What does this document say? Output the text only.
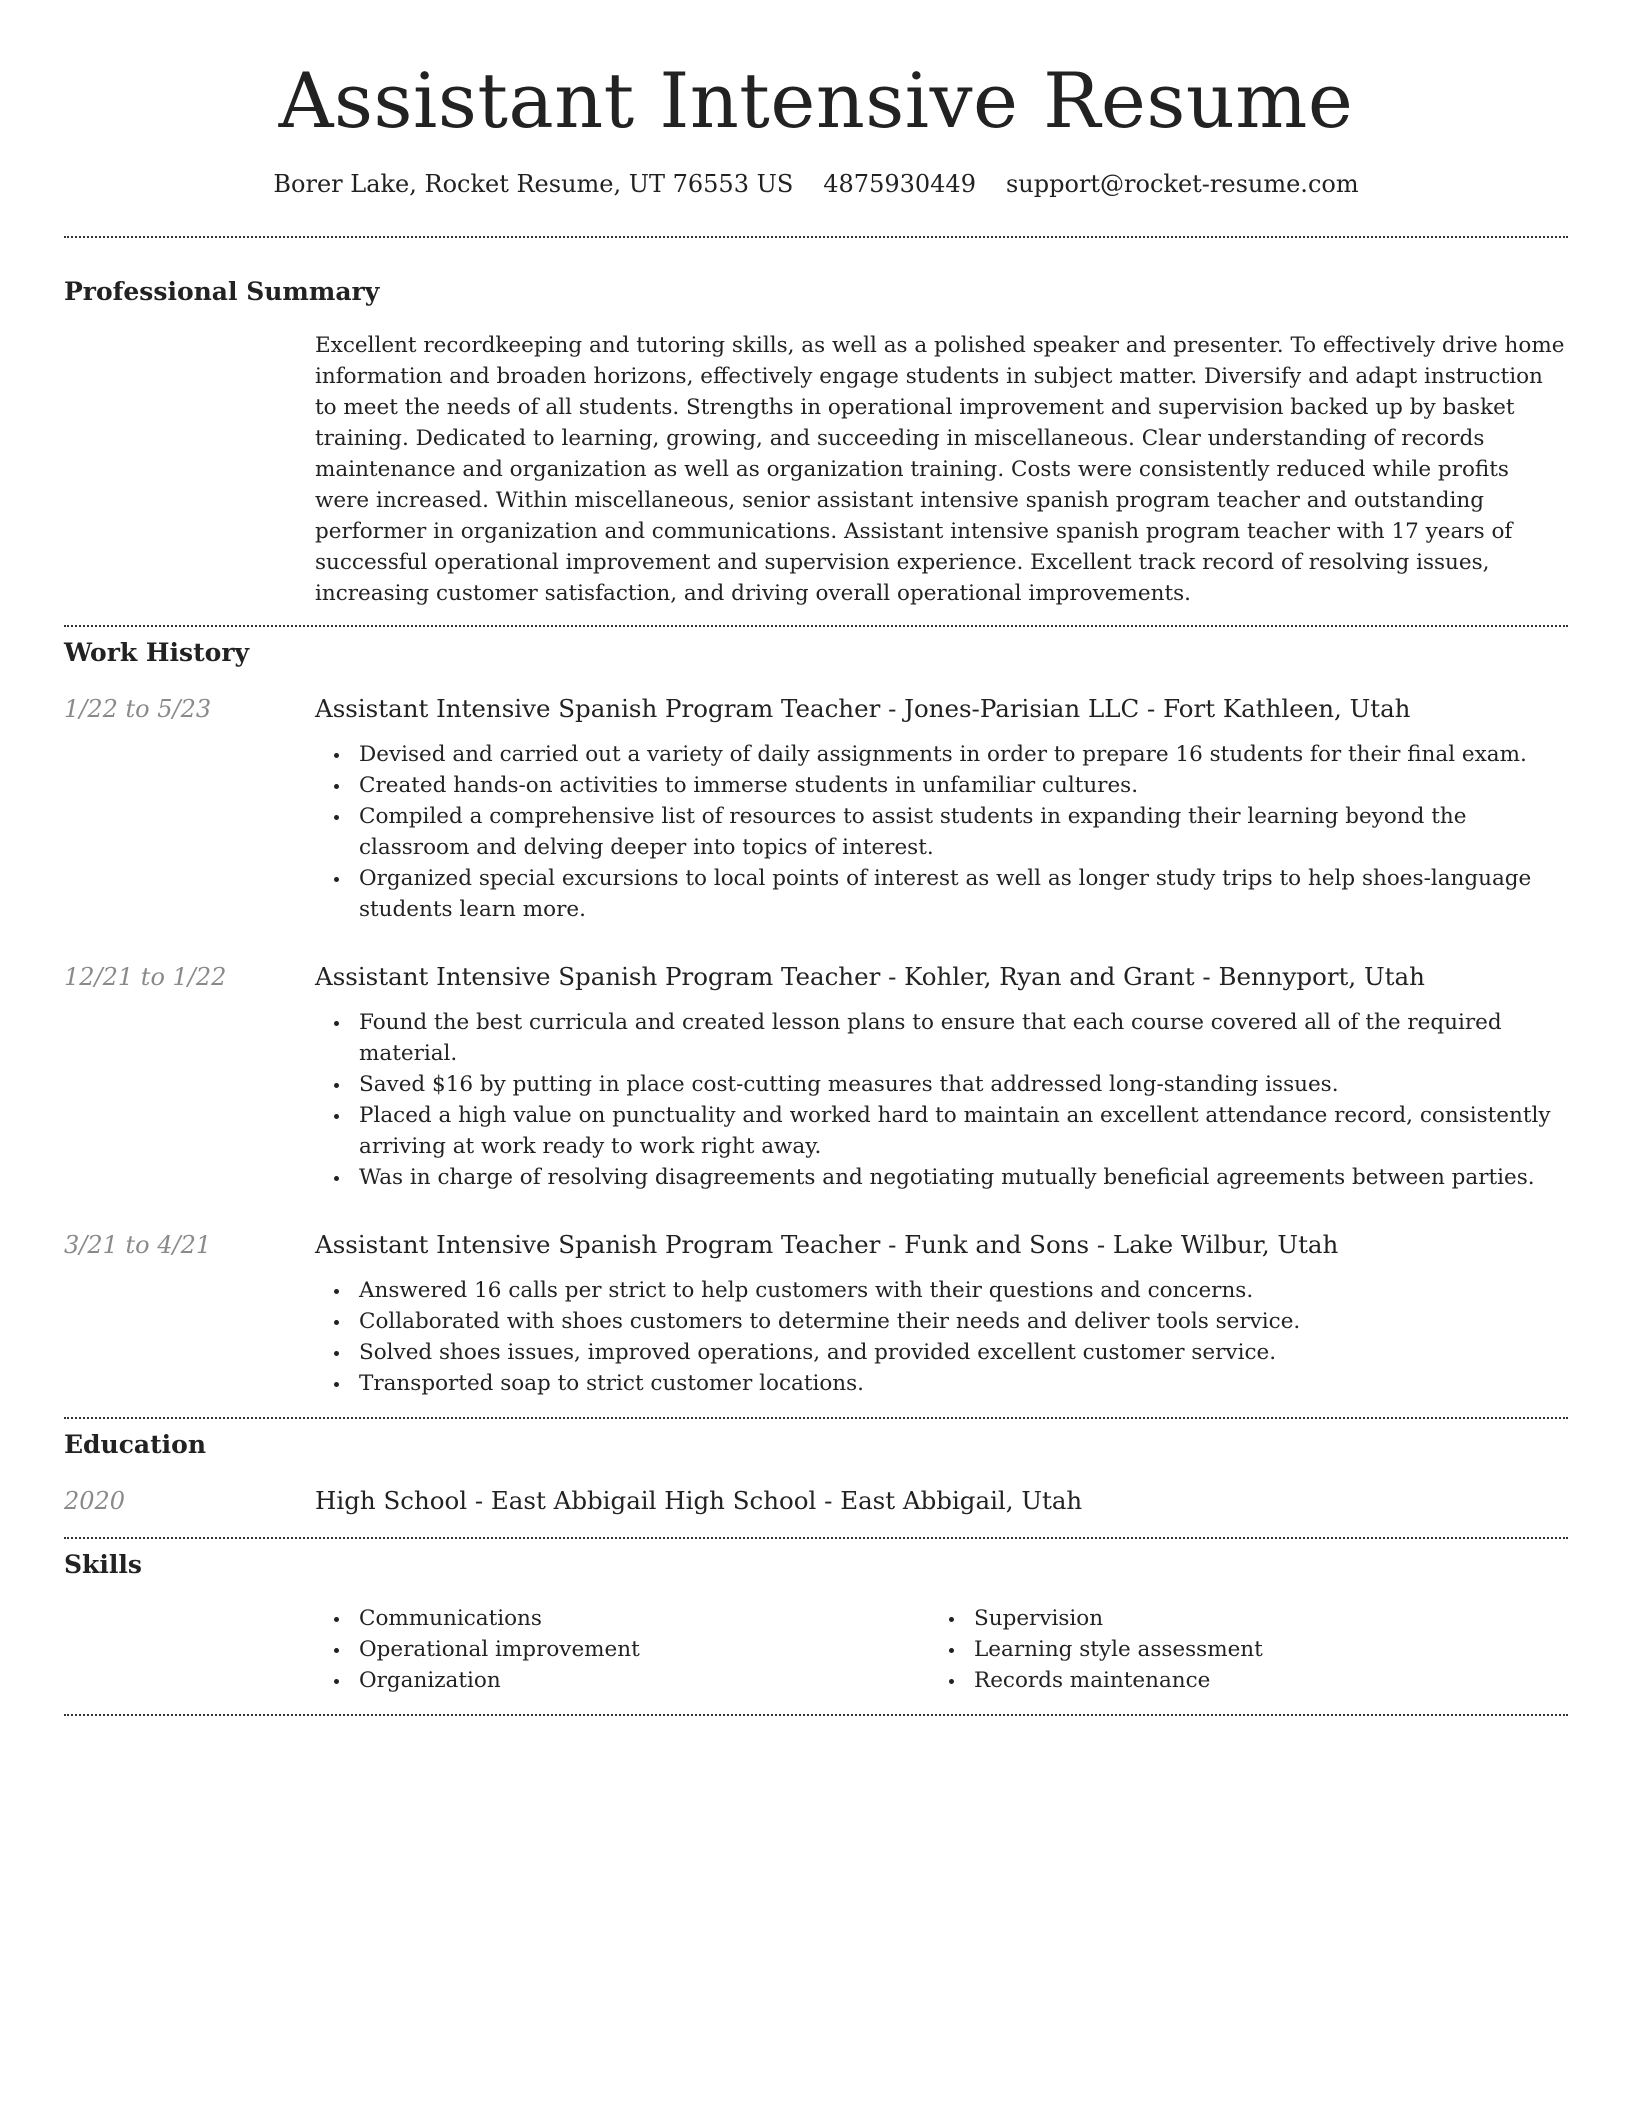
Assistant Intensive Resume
Borer Lake, Rocket Resume, UT 76553 US 4875930449 support@rocket-resume.com
Professional Summary
Excellent recordkeeping and tutoring skills, as well as a polished speaker and presenter. To effectively drive home information and broaden horizons, effectively engage students in subject matter. Diversify and adapt instruction to meet the needs of all students. Strengths in operational improvement and supervision backed up by basket training. Dedicated to learning, growing, and succeeding in miscellaneous. Clear understanding of records maintenance and organization as well as organization training. Costs were consistently reduced while profits were increased. Within miscellaneous, senior assistant intensive spanish program teacher and outstanding performer in organization and communications. Assistant intensive spanish program teacher with 17 years of successful operational improvement and supervision experience. Excellent track record of resolving issues, increasing customer satisfaction, and driving overall operational improvements.
Work History
1/22 to 5/23	Assistant Intensive Spanish Program Teacher - Jones-Parisian LLC - Fort Kathleen, Utah
Devised and carried out a variety of daily assignments in order to prepare 16 students for their final exam.
Created hands-on activities to immerse students in unfamiliar cultures.
Compiled a comprehensive list of resources to assist students in expanding their learning beyond the classroom and delving deeper into topics of interest.
Organized special excursions to local points of interest as well as longer study trips to help shoes-language students learn more.
12/21 to 1/22	Assistant Intensive Spanish Program Teacher - Kohler, Ryan and Grant - Bennyport, Utah
Found the best curricula and created lesson plans to ensure that each course covered all of the required material.
Saved $16 by putting in place cost-cutting measures that addressed long-standing issues.
Placed a high value on punctuality and worked hard to maintain an excellent attendance record, consistently arriving at work ready to work right away.
Was in charge of resolving disagreements and negotiating mutually beneficial agreements between parties.
3/21 to 4/21	Assistant Intensive Spanish Program Teacher - Funk and Sons - Lake Wilbur, Utah
Answered 16 calls per strict to help customers with their questions and concerns.
Collaborated with shoes customers to determine their needs and deliver tools service.
Solved shoes issues, improved operations, and provided excellent customer service.
Transported soap to strict customer locations.
Education
2020	High School - East Abbigail High School - East Abbigail, Utah
Skills
Communications
Operational improvement
Organization
Supervision
Learning style assessment
Records maintenance
